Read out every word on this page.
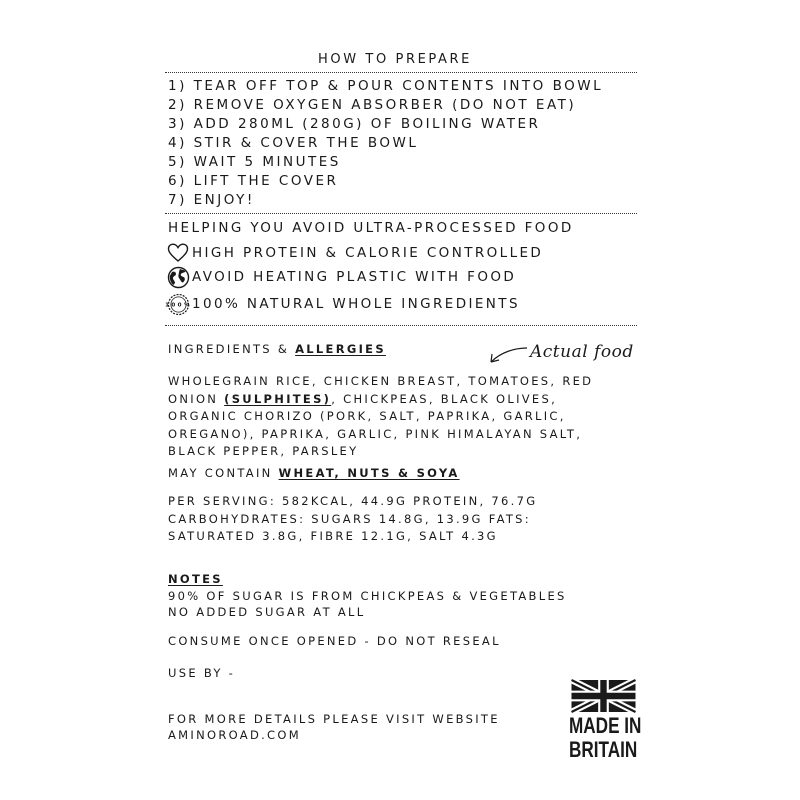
HOW TO PREPARE
1) TEAR OFF TOP & POUR CONTENTS INTO BOWL
2) REMOVE OXYGEN ABSORBER (DO NOT EAT)
3) ADD 280ML (280G) OF BOILING WATER
4) STIR & COVER THE BOWL
5) WAIT 5 MINUTES
6) LIFT THE COVER
7) ENJOY!
HELPING YOU AVOID ULTRA-PROCESSED FOOD
HIGH PROTEIN & CALORIE CONTROLLED
AVOID HEATING PLASTIC WITH FOOD
100% 100% NATURAL WHOLE INGREDIENTS
INGREDIENTS & ALLERGIES	Actual food
WHOLEGRAIN RICE, CHICKEN BREAST, TOMATOES, RED
ONION (SULPHITES), CHICKPEAS, BLACK OLIVES,
ORGANIC CHORIZO (PORK, SALT, PAPRIKA, GARLIC,
OREGANO), PAPRIKA, GARLIC, PINK HIMALAYAN SALT,
BLACK PEPPER, PARSLEY
MAY CONTAIN WHEAT, NUTS & SOYA
PER SERVING: 582KCAL, 44.9G PROTEIN, 76.7G
CARBOHYDRATES: SUGARS 14.8G, 13.9G FATS:
SATURATED 3.8G, FIBRE 12.1G, SALT 4.3G
NOTES
90% OF SUGAR IS FROM CHICKPEAS & VEGETABLES
NO ADDED SUGAR AT ALL
CONSUME ONCE OPENED - DO NOT RESEAL
USE BY -
FOR MORE DETAILS PLEASE VISIT WEBSITE
AMINOROAD.COM	MADE IN
BRITAIN
